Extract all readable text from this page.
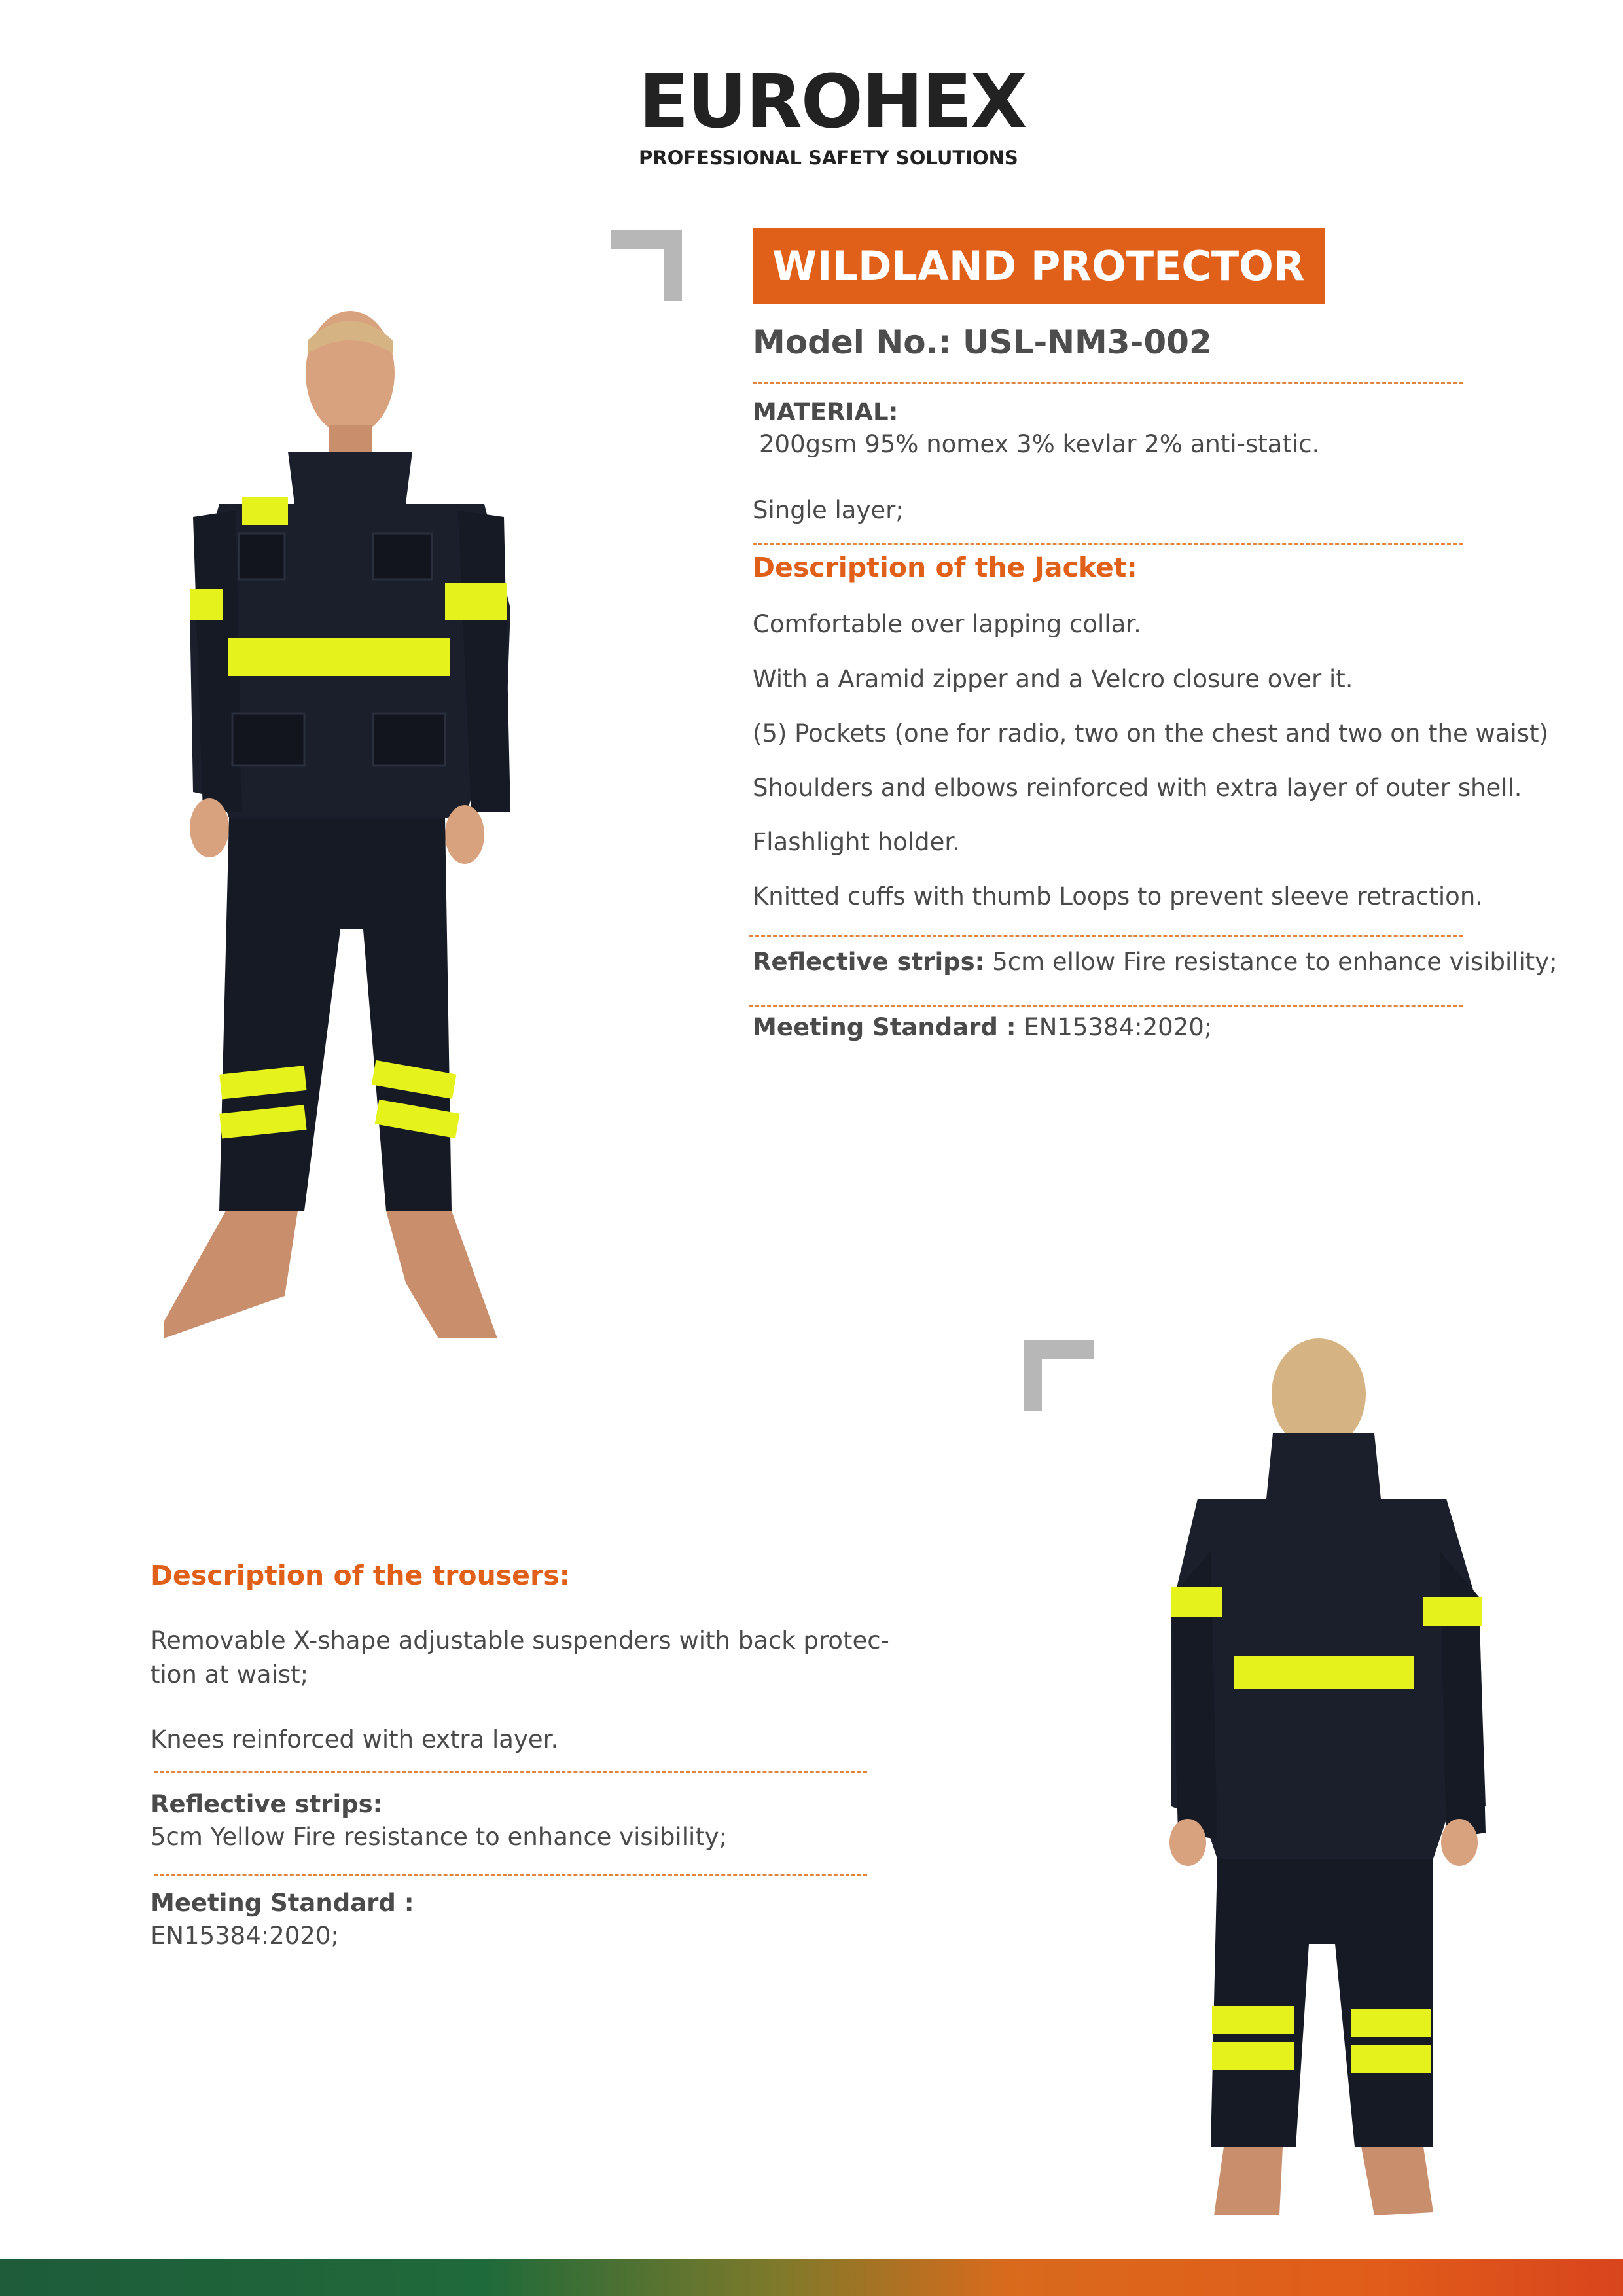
EUROHEX
PROFESSIONAL SAFETY SOLUTIONS
WILDLAND PROTECTOR
Model No.: USL-NM3-002
MATERIAL:
200gsm 95% nomex 3% kevlar 2% anti-static.
Single layer;
Description of the Jacket:
Comfortable over lapping collar.
With a Aramid zipper and a Velcro closure over it.
(5) Pockets (one for radio, two on the chest and two on the waist)
Shoulders and elbows reinforced with extra layer of outer shell.
Flashlight holder.
Knitted cuffs with thumb Loops to prevent sleeve retraction.
Reflective strips: 5cm ellow Fire resistance to enhance visibility;
Meeting Standard : EN15384:2020;
Description of the trousers:
Removable X-shape adjustable suspenders with back protec-
tion at waist;
Knees reinforced with extra layer.
Reflective strips:
5cm Yellow Fire resistance to enhance visibility;
Meeting Standard :
EN15384:2020;
